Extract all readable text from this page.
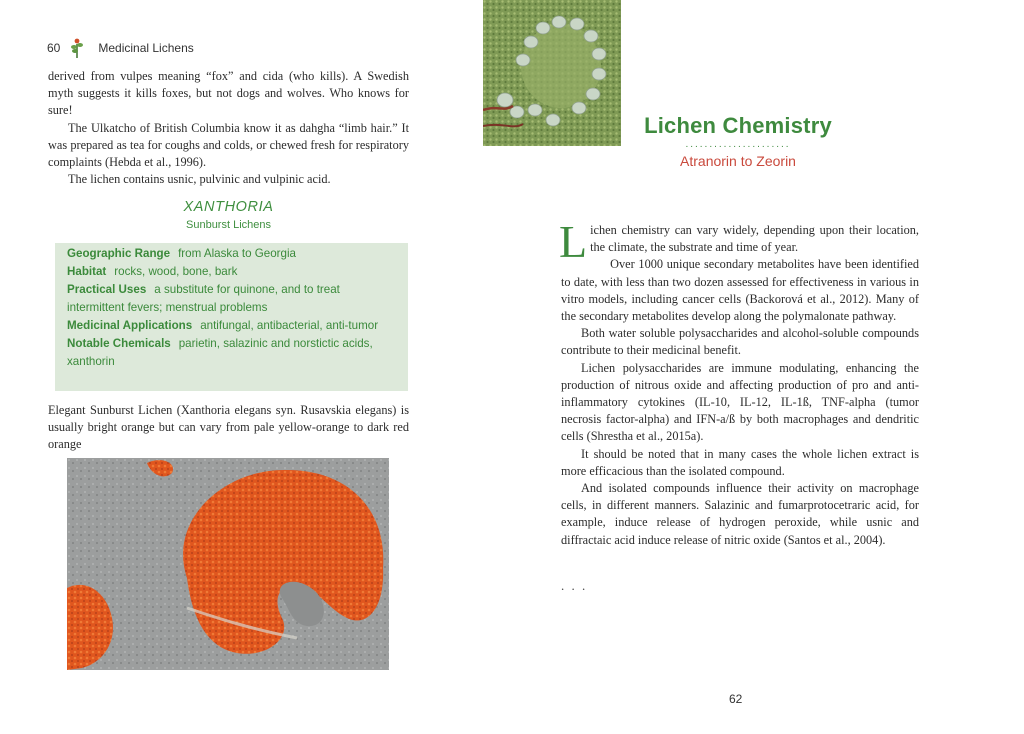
60	Medicinal Lichens

derived from vulpes meaning “fox” and cida (who kills). A Swedish myth suggests it kills foxes, but not dogs and wolves. Who knows for sure!

The Ulkatcho of British Columbia know it as dahgha “limb hair.” It was prepared as tea for coughs and colds, or chewed fresh for respiratory complaints (Hebda et al., 1996).

The lichen contains usnic, pulvinic and vulpinic acid.

XANTHORIA
Sunburst Lichens

Geographic Range from Alaska to Georgia

Habitat rocks, wood, bone, bark

Practical Uses a substitute for quinone, and to treat intermittent fevers; menstrual problems

Medicinal Applications antifungal, antibacterial, anti-tumor

Notable Chemicals parietin, salazinic and norstictic acids, xanthorin

Elegant Sunburst Lichen (Xanthoria elegans syn. Rusavskia elegans) is usually bright orange but can vary from pale yellow-orange to dark red orange

Lichen Chemistry
......................
Atranorin to Zeorin

Lichen chemistry can vary widely, depending upon their location, the climate, the substrate and time of year.

Over 1000 unique secondary metabolites have been identified to date, with less than two dozen assessed for effectiveness in various in vitro models, including cancer cells (Backorová et al., 2012). Many of the secondary metabolites develop along the polymalonate pathway.

Both water soluble polysaccharides and alcohol-soluble compounds contribute to their medicinal benefit.

Lichen polysaccharides are immune modulating, enhancing the production of nitrous oxide and affecting production of pro and anti-inflammatory cytokines (IL-10, IL-12, IL-1ß, TNF-alpha (tumor necrosis factor-alpha) and IFN-a/ß by both macrophages and dendritic cells (Shrestha et al., 2015a).

It should be noted that in many cases the whole lichen extract is more efficacious than the isolated compound.

And isolated compounds influence their activity on macrophage cells, in different manners. Salazinic and fumarprotocetraric acid, for example, induce release of hydrogen peroxide, while usnic and diffractaic acid induce release of nitric oxide (Santos et al., 2004).

. . .
62
